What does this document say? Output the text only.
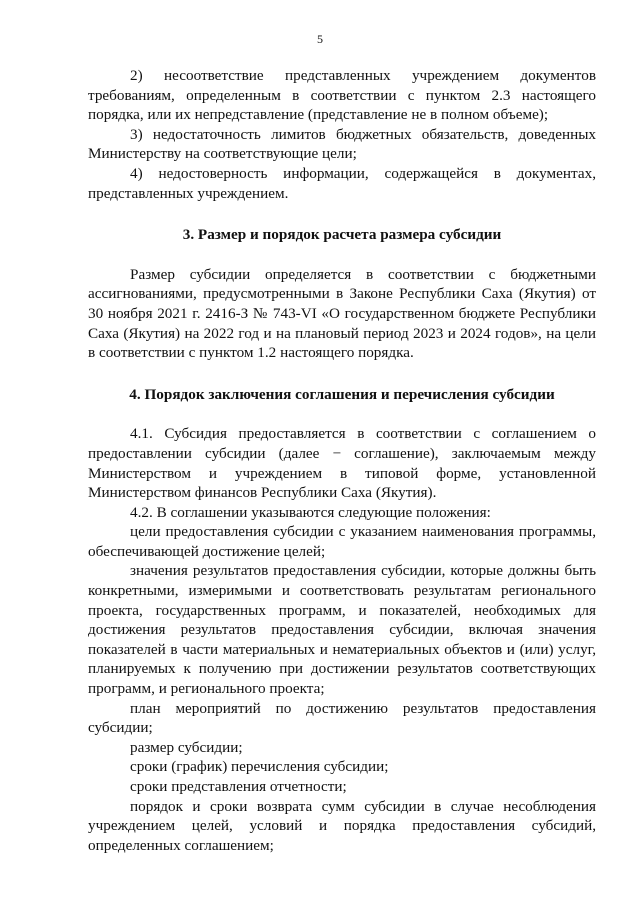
5

2) несоответствие представленных учреждением документов требованиям, определенным в соответствии с пунктом 2.3 настоящего порядка, или их непредставление (представление не в полном объеме);

3) недостаточность лимитов бюджетных обязательств, доведенных Министерству на соответствующие цели;

4) недостоверность информации, содержащейся в документах, представленных учреждением.

3. Размер и порядок расчета размера субсидии

Размер субсидии определяется в соответствии с бюджетными ассигнованиями, предусмотренными в Законе Республики Саха (Якутия) от 30 ноября 2021 г. 2416-З № 743-VI «О государственном бюджете Республики Саха (Якутия) на 2022 год и на плановый период 2023 и 2024 годов», на цели в соответствии с пунктом 1.2 настоящего порядка.

4. Порядок заключения соглашения и перечисления субсидии

4.1. Субсидия предоставляется в соответствии с соглашением о предоставлении субсидии (далее − соглашение), заключаемым между Министерством и учреждением в типовой форме, установленной Министерством финансов Республики Саха (Якутия).

4.2. В соглашении указываются следующие положения:

цели предоставления субсидии с указанием наименования программы, обеспечивающей достижение целей;

значения результатов предоставления субсидии, которые должны быть конкретными, измеримыми и соответствовать результатам регионального проекта, государственных программ, и показателей, необходимых для достижения результатов предоставления субсидии, включая значения показателей в части материальных и нематериальных объектов и (или) услуг, планируемых к получению при достижении результатов соответствующих программ, и регионального проекта;

план мероприятий по достижению результатов предоставления субсидии;

размер субсидии;

сроки (график) перечисления субсидии;

сроки представления отчетности;

порядок и сроки возврата сумм субсидии в случае несоблюдения учреждением целей, условий и порядка предоставления субсидий, определенных соглашением;
